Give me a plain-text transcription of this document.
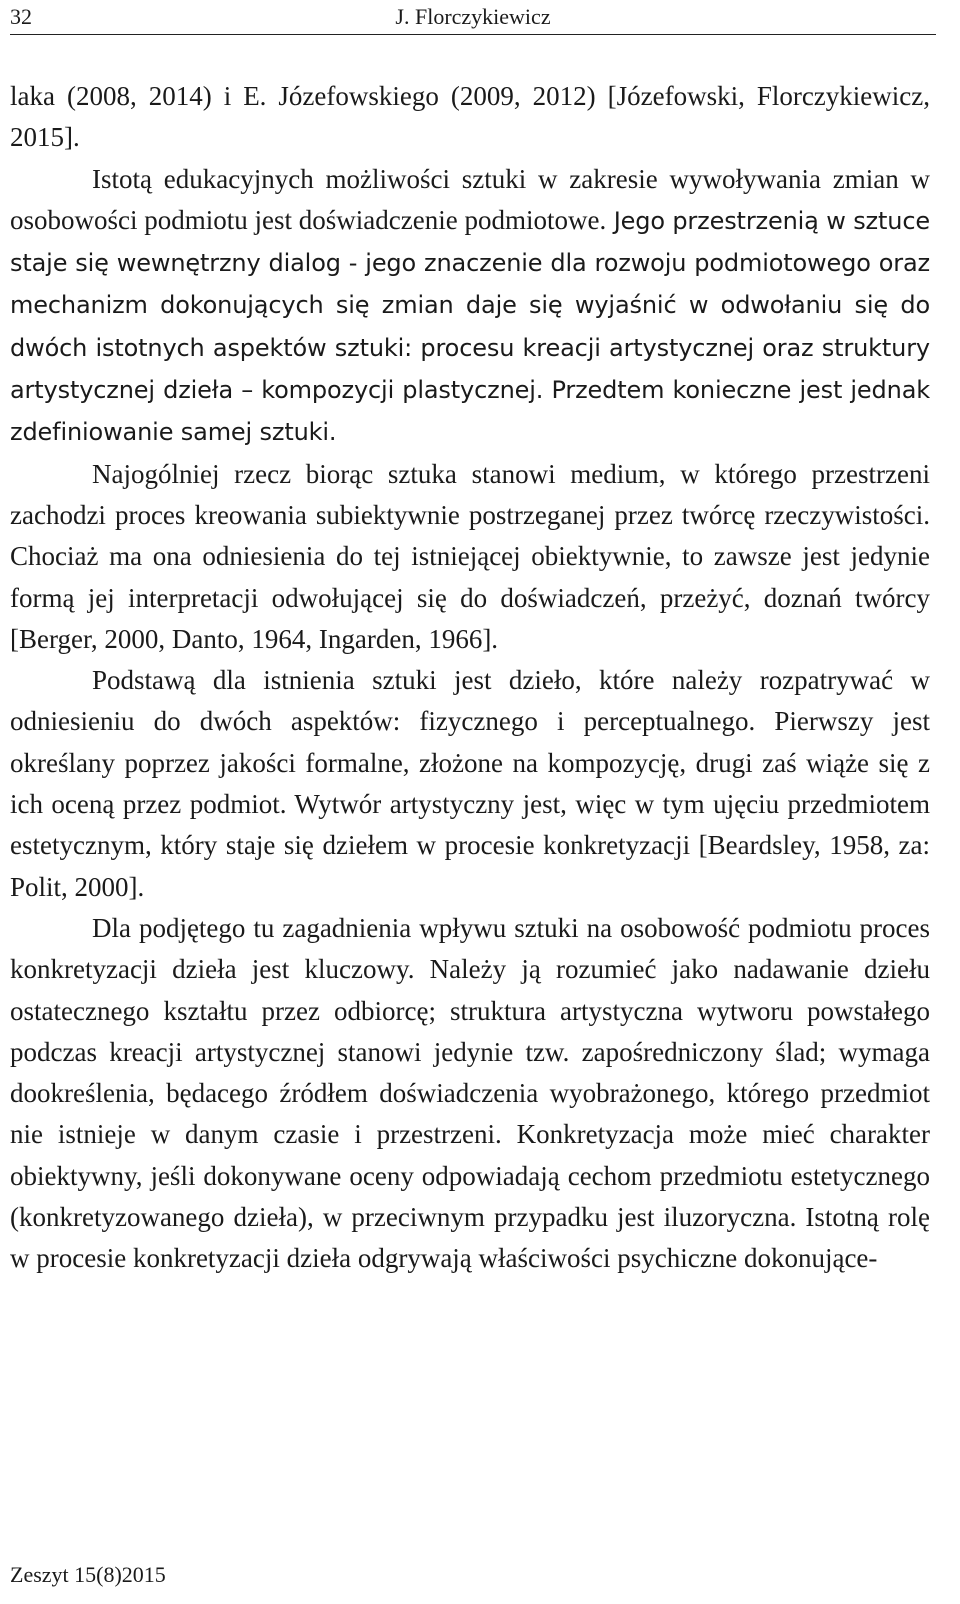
32	J. Florczykiewicz

laka (2008, 2014) i E. Józefowskiego (2009, 2012) [Józefowski, Florczykiewicz, 2015].

Istotą edukacyjnych możliwości sztuki w zakresie wywoływania zmian w osobowości podmiotu jest doświadczenie podmiotowe. Jego przestrzenią w sztuce staje się wewnętrzny dialog - jego znaczenie dla rozwoju podmiotowego oraz mechanizm dokonujących się zmian daje się wyjaśnić w odwołaniu się do dwóch istotnych aspektów sztuki: procesu kreacji artystycznej oraz struktury artystycznej dzieła – kompozycji plastycznej. Przedtem konieczne jest jednak zdefiniowanie samej sztuki.

Najogólniej rzecz biorąc sztuka stanowi medium, w którego przestrzeni zachodzi proces kreowania subiektywnie postrzeganej przez twórcę rzeczywistości. Chociaż ma ona odniesienia do tej istniejącej obiektywnie, to zawsze jest jedynie formą jej interpretacji odwołującej się do doświadczeń, przeżyć, doznań twórcy [Berger, 2000, Danto, 1964, Ingarden, 1966].

Podstawą dla istnienia sztuki jest dzieło, które należy rozpatrywać w odniesieniu do dwóch aspektów: fizycznego i perceptualnego. Pierwszy jest określany poprzez jakości formalne, złożone na kompozycję, drugi zaś wiąże się z ich oceną przez podmiot. Wytwór artystyczny jest, więc w tym ujęciu przedmiotem estetycznym, który staje się dziełem w procesie konkretyzacji [Beardsley, 1958, za: Polit, 2000].

Dla podjętego tu zagadnienia wpływu sztuki na osobowość podmiotu proces konkretyzacji dzieła jest kluczowy. Należy ją rozumieć jako nadawanie dziełu ostatecznego kształtu przez odbiorcę; struktura artystyczna wytworu powstałego podczas kreacji artystycznej stanowi jedynie tzw. zapośredniczony ślad; wymaga dookreślenia, będacego źródłem doświadczenia wyobrażonego, którego przedmiot nie istnieje w danym czasie i przestrzeni. Konkretyzacja może mieć charakter obiektywny, jeśli dokonywane oceny odpowiadają cechom przedmiotu estetycznego (konkretyzowanego dzieła), w przeciwnym przypadku jest iluzoryczna. Istotną rolę w procesie konkretyzacji dzieła odgrywają właściwości psychiczne dokonujące-

Zeszyt 15(8)2015
